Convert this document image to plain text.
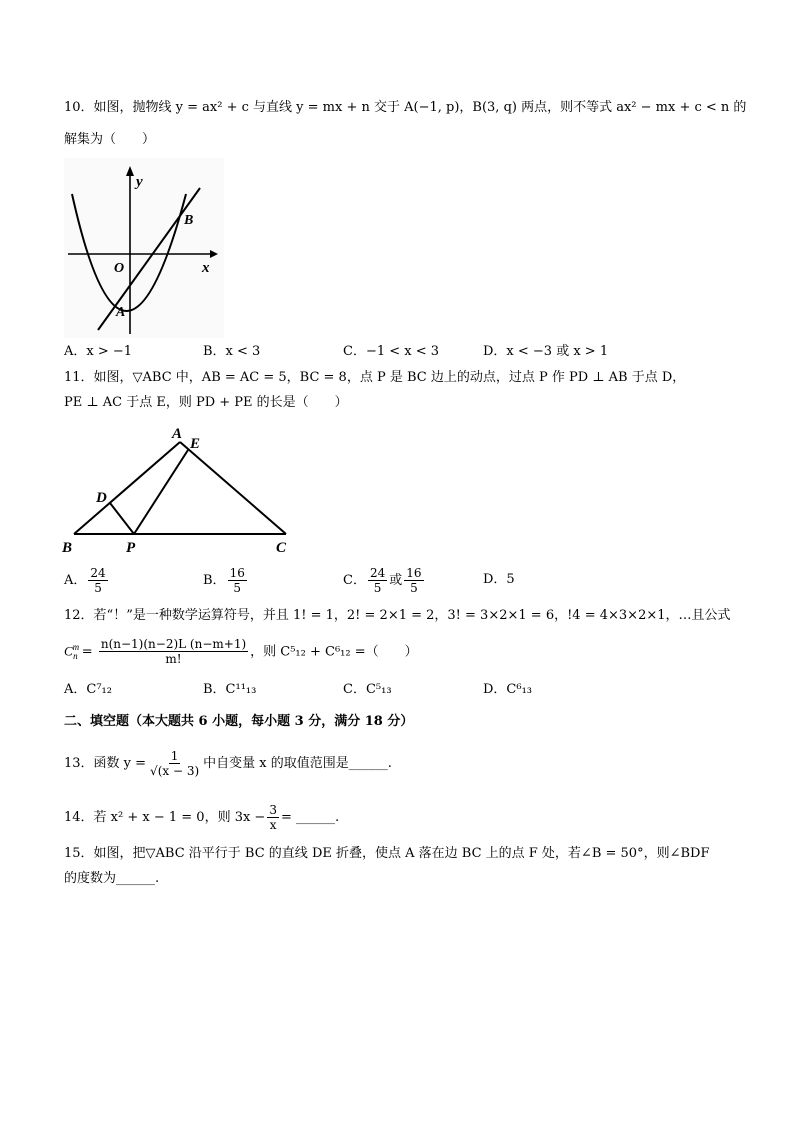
10．如图，抛物线 y = ax² + c 与直线 y = mx + n 交于 A(−1, p)，B(3, q) 两点，则不等式 ax² − mx + c < n 的
解集为（　　）
y
x
O
A
B
A．x > −1	B．x < 3	C．−1 < x < 3	D．x < −3 或 x > 1
11．如图，▽ABC 中，AB = AC = 5，BC = 8，点 P 是 BC 边上的动点，过点 P 作 PD ⊥ AB 于点 D，
PE ⊥ AC 于点 E，则 PD + PE 的长是（　　）
A
E
D
B	P	C
A． $\frac{24}{5}$	B． $\frac{16}{5}$	C． $\frac{24}{5}$ 或 $\frac{16}{5}$	D．5
12．若“！”是一种数学运算符号，并且 1! = 1，2! = 2×1 = 2，3! = 3×2×1 = 6，!4 = 4×3×2×1，…且公式
$C^m_n = \frac{n(n-1)(n-2)L (n-m+1)}{m!}$ ，则 C⁵₁₂ + C⁶₁₂ =（　　）
A．C⁷₁₂	B．C¹¹₁₃	C．C⁵₁₃	D．C⁶₁₃
二、填空题（本大题共 6 小题，每小题 3 分，满分 18 分）
13．函数 $y = \frac{1}{√(x - 3)}$ 中自变量 x 的取值范围是______.
14．若 x² + x − 1 = 0，则 $3x - \frac{3}{x}$ = ______.
15．如图，把▽ABC 沿平行于 BC 的直线 DE 折叠，使点 A 落在边 BC 上的点 F 处，若∠B = 50°，则∠BDF
的度数为______.
